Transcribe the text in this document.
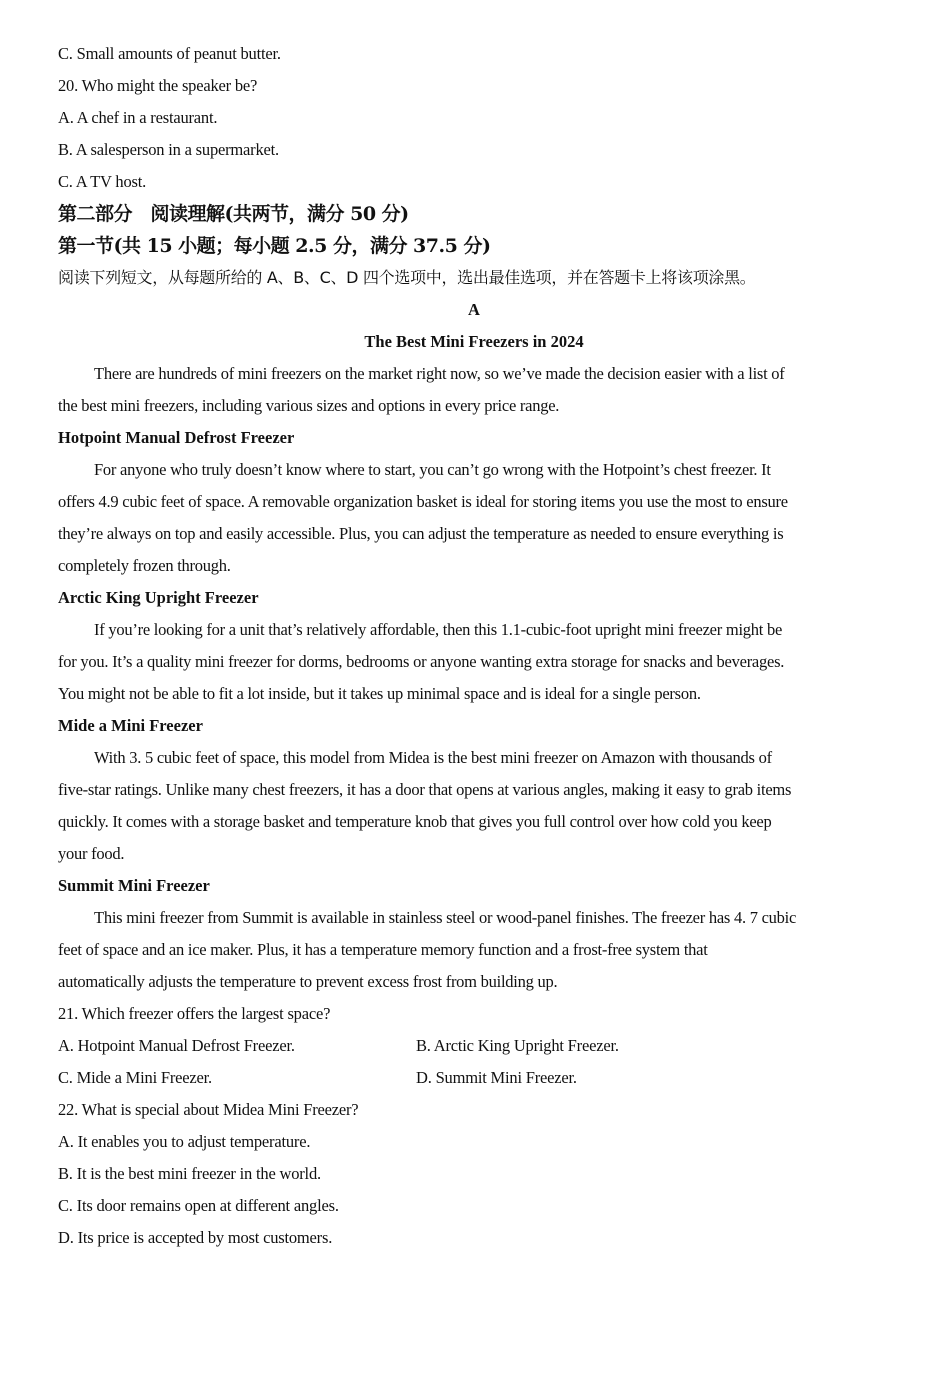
C. Small amounts of peanut butter.
20. Who might the speaker be?
A. A chef in a restaurant.
B. A salesperson in a supermarket.
C. A TV host.
第二部分　阅读理解(共两节，满分 50 分)
第一节(共 15 小题；每小题 2.5 分，满分 37.5 分)
阅读下列短文，从每题所给的 A、B、C、D 四个选项中，选出最佳选项，并在答题卡上将该项涂黑。
A
The Best Mini Freezers in 2024
There are hundreds of mini freezers on the market right now, so we’ve made the decision easier with a list of
the best mini freezers, including various sizes and options in every price range.
Hotpoint Manual Defrost Freezer
For anyone who truly doesn’t know where to start, you can’t go wrong with the Hotpoint’s chest freezer. It
offers 4.9 cubic feet of space. A removable organization basket is ideal for storing items you use the most to ensure
they’re always on top and easily accessible. Plus, you can adjust the temperature as needed to ensure everything is
completely frozen through.
Arctic King Upright Freezer
If you’re looking for a unit that’s relatively affordable, then this 1.1-cubic-foot upright mini freezer might be
for you. It’s a quality mini freezer for dorms, bedrooms or anyone wanting extra storage for snacks and beverages.
You might not be able to fit a lot inside, but it takes up minimal space and is ideal for a single person.
Mide a Mini Freezer
With 3. 5 cubic feet of space, this model from Midea is the best mini freezer on Amazon with thousands of
five-star ratings. Unlike many chest freezers, it has a door that opens at various angles, making it easy to grab items
quickly. It comes with a storage basket and temperature knob that gives you full control over how cold you keep
your food.
Summit Mini Freezer
This mini freezer from Summit is available in stainless steel or wood-panel finishes. The freezer has 4. 7 cubic
feet of space and an ice maker. Plus, it has a temperature memory function and a frost-free system that
automatically adjusts the temperature to prevent excess frost from building up.
21. Which freezer offers the largest space?
A. Hotpoint Manual Defrost Freezer.	B. Arctic King Upright Freezer.
C. Mide a Mini Freezer.	D. Summit Mini Freezer.
22. What is special about Midea Mini Freezer?
A. It enables you to adjust temperature.
B. It is the best mini freezer in the world.
C. Its door remains open at different angles.
D. Its price is accepted by most customers.
